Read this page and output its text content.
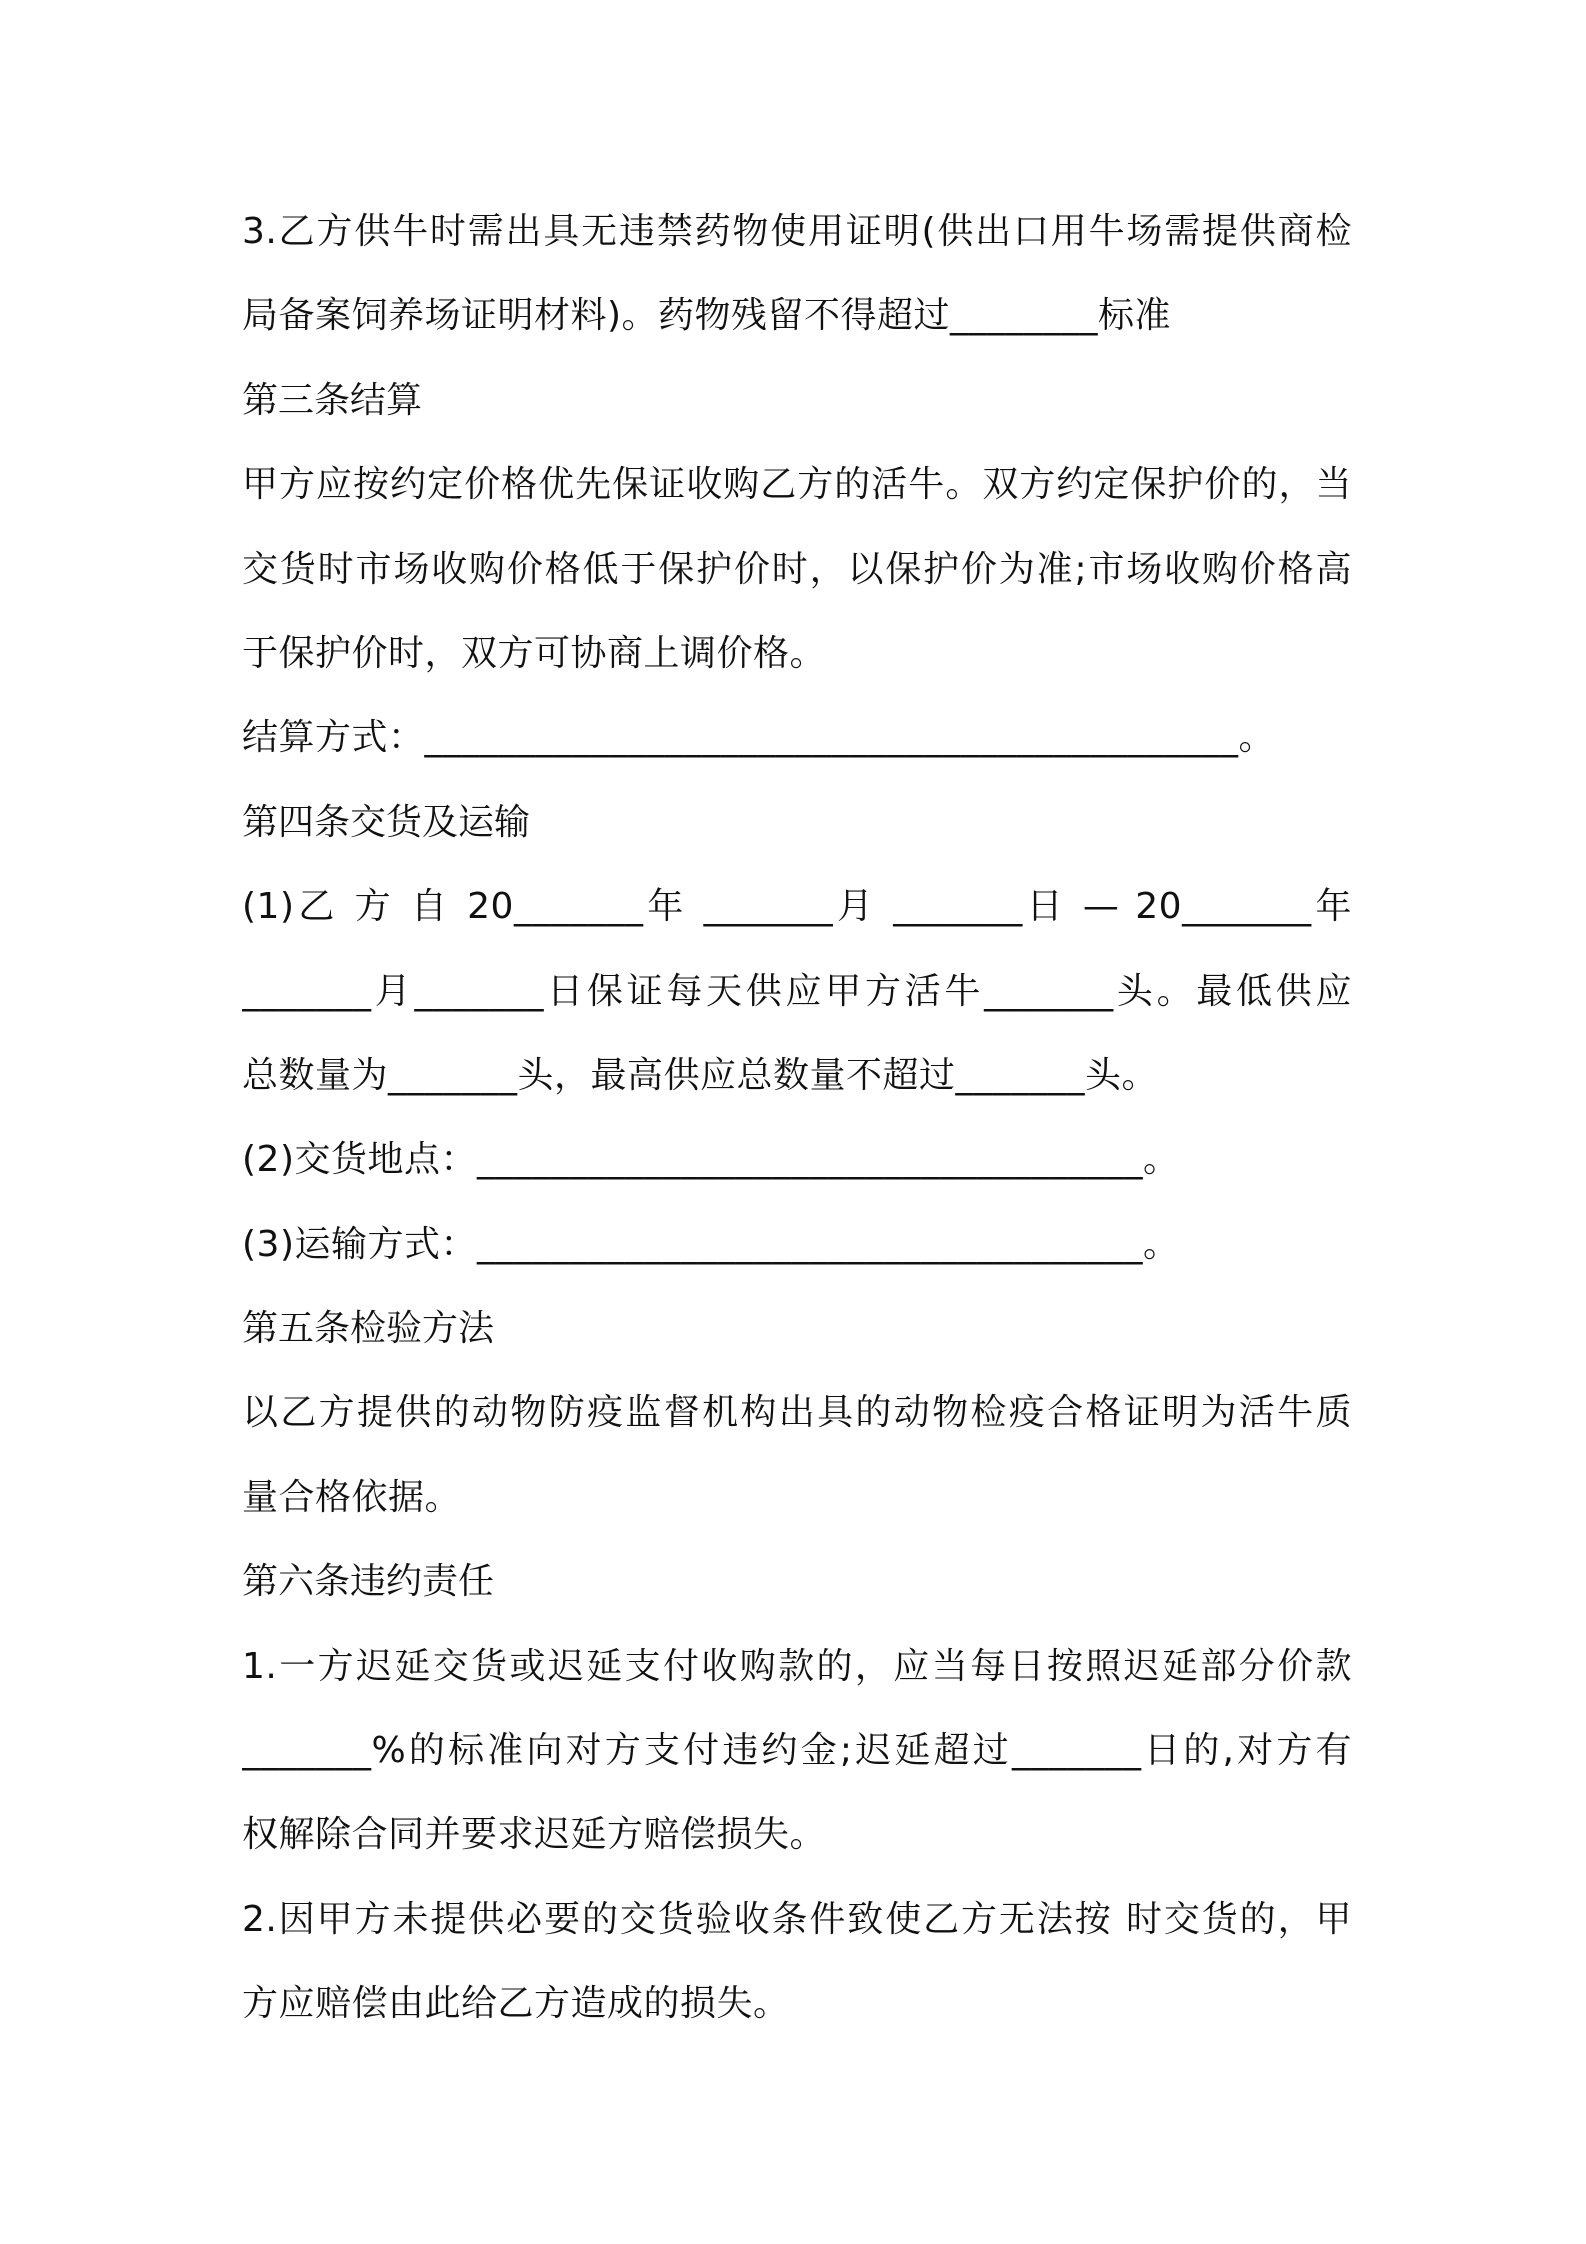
3.乙方供牛时需出具无违禁药物使用证明(供出口用牛场需提供商检
局备案饲养场证明材料)。药物残留不得超过________标准
第三条结算
甲方应按约定价格优先保证收购乙方的活牛。双方约定保护价的，当
交货时市场收购价格低于保护价时，以保护价为准;市场收购价格高
于保护价时，双方可协商上调价格。
结算方式：____________________________________________。
第四条交货及运输
(1)乙 方 自 20_______年 _______月 _______日 — 20_______年
_______月_______日保证每天供应甲方活牛_______头。最低供应
总数量为_______头，最高供应总数量不超过_______头。
(2)交货地点：____________________________________。
(3)运输方式：____________________________________。
第五条检验方法
以乙方提供的动物防疫监督机构出具的动物检疫合格证明为活牛质
量合格依据。
第六条违约责任
1.一方迟延交货或迟延支付收购款的，应当每日按照迟延部分价款
_______%的标准向对方支付违约金;迟延超过_______日的,对方有
权解除合同并要求迟延方赔偿损失。
2.因甲方未提供必要的交货验收条件致使乙方无法按 时交货的，甲
方应赔偿由此给乙方造成的损失。
